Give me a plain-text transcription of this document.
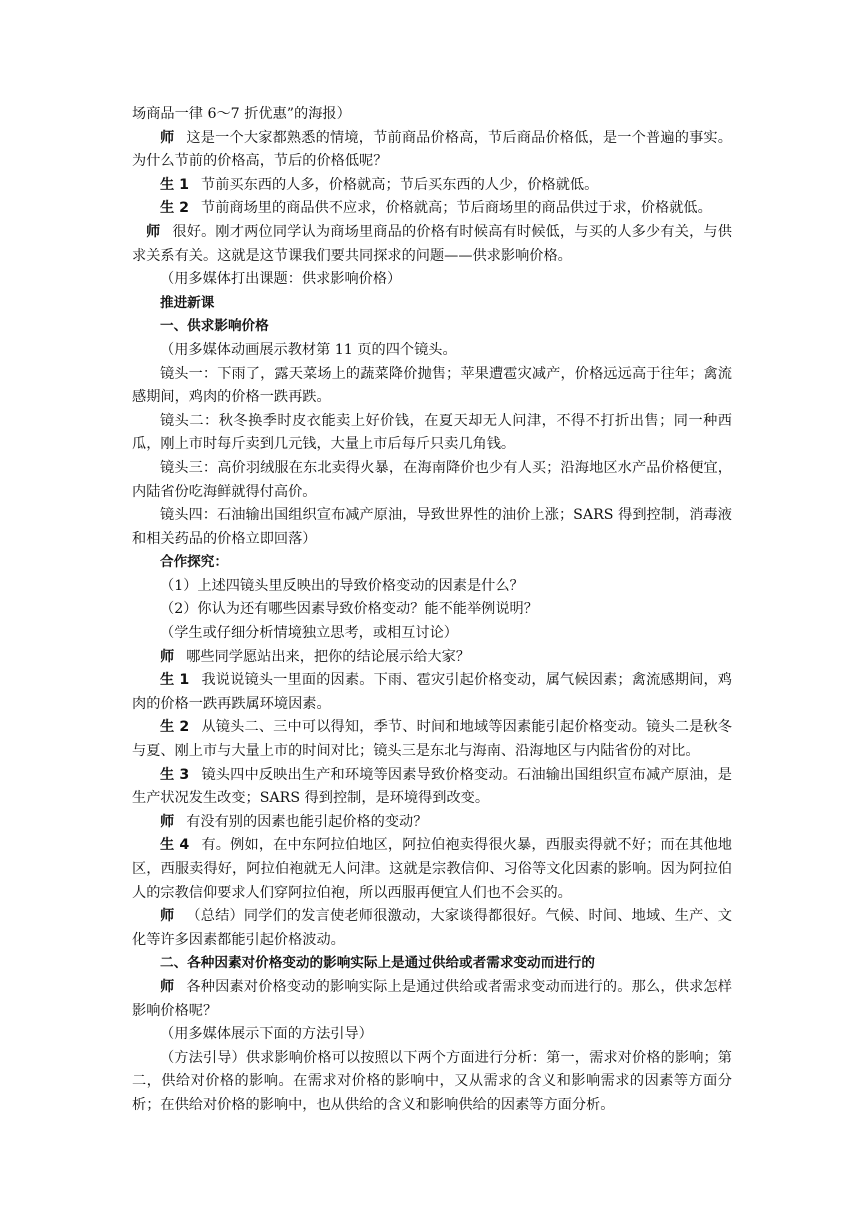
场商品一律 6～7 折优惠”的海报）

师 这是一个大家都熟悉的情境，节前商品价格高，节后商品价格低，是一个普遍的事实。为什么节前的价格高，节后的价格低呢？

生 1 节前买东西的人多，价格就高；节后买东西的人少，价格就低。

生 2 节前商场里的商品供不应求，价格就高；节后商场里的商品供过于求，价格就低。

师 很好。刚才两位同学认为商场里商品的价格有时候高有时候低，与买的人多少有关，与供求关系有关。这就是这节课我们要共同探求的问题——供求影响价格。

（用多媒体打出课题：供求影响价格）

推进新课

一、供求影响价格

（用多媒体动画展示教材第 11 页的四个镜头。

镜头一：下雨了，露天菜场上的蔬菜降价抛售；苹果遭雹灾减产，价格远远高于往年；禽流感期间，鸡肉的价格一跌再跌。

镜头二：秋冬换季时皮衣能卖上好价钱，在夏天却无人问津，不得不打折出售；同一种西瓜，刚上市时每斤卖到几元钱，大量上市后每斤只卖几角钱。

镜头三：高价羽绒服在东北卖得火暴，在海南降价也少有人买；沿海地区水产品价格便宜，内陆省份吃海鲜就得付高价。

镜头四：石油输出国组织宣布减产原油，导致世界性的油价上涨；SARS 得到控制，消毒液和相关药品的价格立即回落）

合作探究：

（1）上述四镜头里反映出的导致价格变动的因素是什么？

（2）你认为还有哪些因素导致价格变动？能不能举例说明？

（学生或仔细分析情境独立思考，或相互讨论）

师 哪些同学愿站出来，把你的结论展示给大家？

生 1 我说说镜头一里面的因素。下雨、雹灾引起价格变动，属气候因素；禽流感期间，鸡肉的价格一跌再跌属环境因素。

生 2 从镜头二、三中可以得知，季节、时间和地域等因素能引起价格变动。镜头二是秋冬与夏、刚上市与大量上市的时间对比；镜头三是东北与海南、沿海地区与内陆省份的对比。

生 3 镜头四中反映出生产和环境等因素导致价格变动。石油输出国组织宣布减产原油，是生产状况发生改变；SARS 得到控制，是环境得到改变。

师 有没有别的因素也能引起价格的变动？

生 4 有。例如，在中东阿拉伯地区，阿拉伯袍卖得很火暴，西服卖得就不好；而在其他地区，西服卖得好，阿拉伯袍就无人问津。这就是宗教信仰、习俗等文化因素的影响。因为阿拉伯人的宗教信仰要求人们穿阿拉伯袍，所以西服再便宜人们也不会买的。

师 （总结）同学们的发言使老师很激动，大家谈得都很好。气候、时间、地域、生产、文化等许多因素都能引起价格波动。

二、各种因素对价格变动的影响实际上是通过供给或者需求变动而进行的

师 各种因素对价格变动的影响实际上是通过供给或者需求变动而进行的。那么，供求怎样影响价格呢？

（用多媒体展示下面的方法引导）

（方法引导）供求影响价格可以按照以下两个方面进行分析：第一，需求对价格的影响；第二，供给对价格的影响。在需求对价格的影响中，又从需求的含义和影响需求的因素等方面分析；在供给对价格的影响中，也从供给的含义和影响供给的因素等方面分析。
